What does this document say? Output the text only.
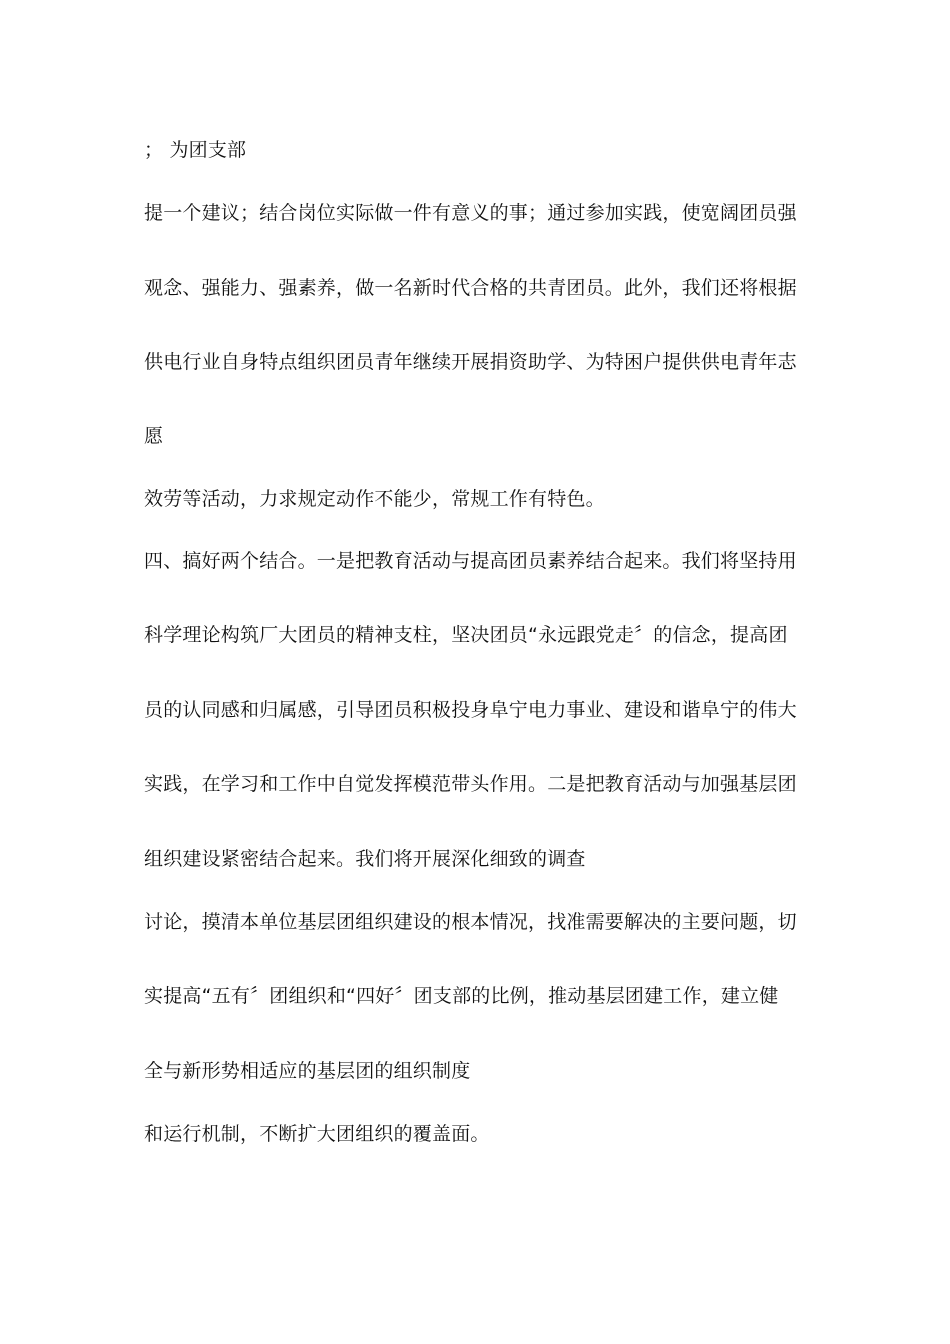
； 为团支部
提一个建议；结合岗位实际做一件有意义的事；通过参加实践，使宽阔团员强
观念、强能力、强素养，做一名新时代合格的共青团员。此外，我们还将根据
供电行业自身特点组织团员青年继续开展捐资助学、为特困户提供供电青年志
愿
效劳等活动，力求规定动作不能少，常规工作有特色。
四、搞好两个结合。一是把教育活动与提高团员素养结合起来。我们将坚持用
科学理论构筑厂大团员的精神支柱，坚决团员“永远跟党走〞的信念，提高团
员的认同感和归属感，引导团员积极投身阜宁电力事业、建设和谐阜宁的伟大
实践，在学习和工作中自觉发挥模范带头作用。二是把教育活动与加强基层团
组织建设紧密结合起来。我们将开展深化细致的调查
讨论，摸清本单位基层团组织建设的根本情况，找准需要解决的主要问题，切
实提高“五有〞团组织和“四好〞团支部的比例，推动基层团建工作，建立健
全与新形势相适应的基层团的组织制度
和运行机制，不断扩大团组织的覆盖面。
